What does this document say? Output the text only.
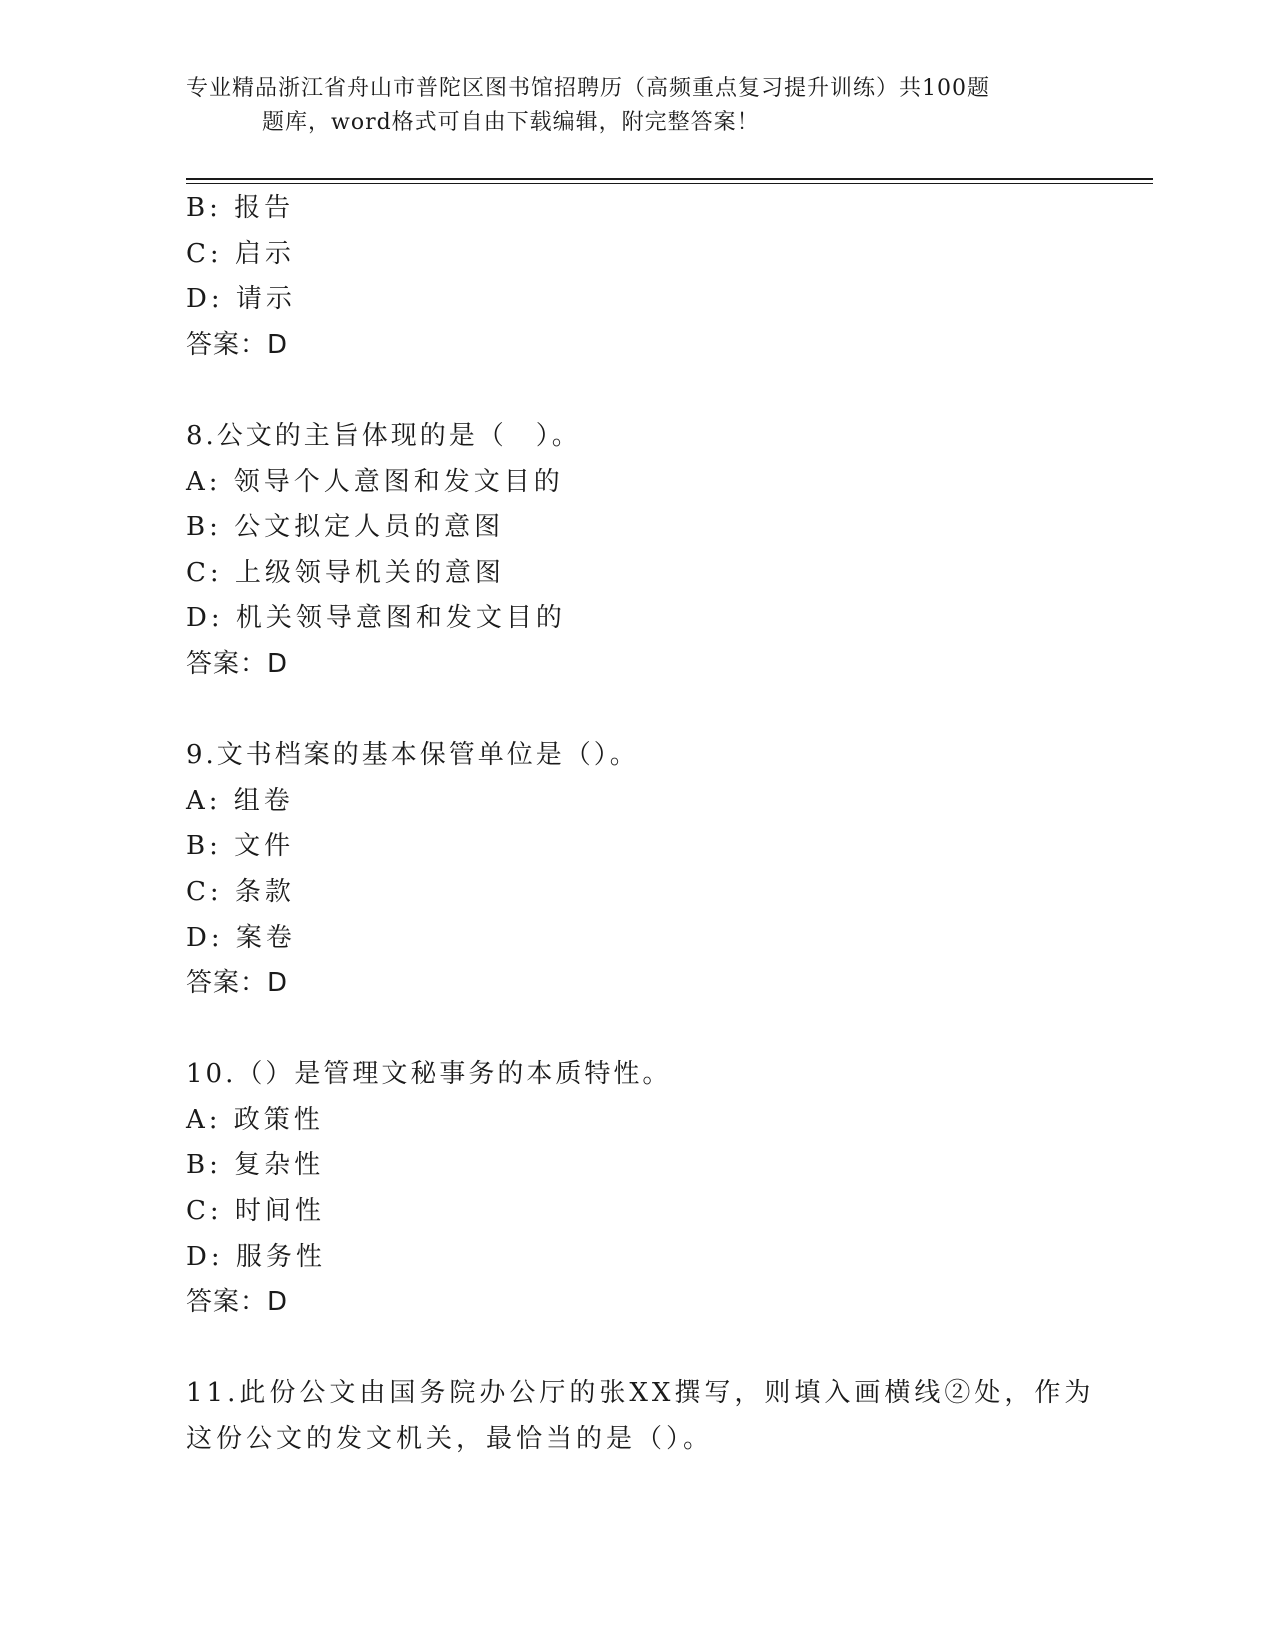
专业精品浙江省舟山市普陀区图书馆招聘历（高频重点复习提升训练）共100题
题库，word格式可自由下载编辑，附完整答案！
B: 报告
C: 启示
D: 请示
答案：D
8.公文的主旨体现的是（　）。
A: 领导个人意图和发文目的
B: 公文拟定人员的意图
C: 上级领导机关的意图
D: 机关领导意图和发文目的
答案：D
9.文书档案的基本保管单位是（）。
A: 组卷
B: 文件
C: 条款
D: 案卷
答案：D
10.（）是管理文秘事务的本质特性。
A: 政策性
B: 复杂性
C: 时间性
D: 服务性
答案：D
11.此份公文由国务院办公厅的张XX撰写，则填入画横线②处，作为
这份公文的发文机关，最恰当的是（）。
